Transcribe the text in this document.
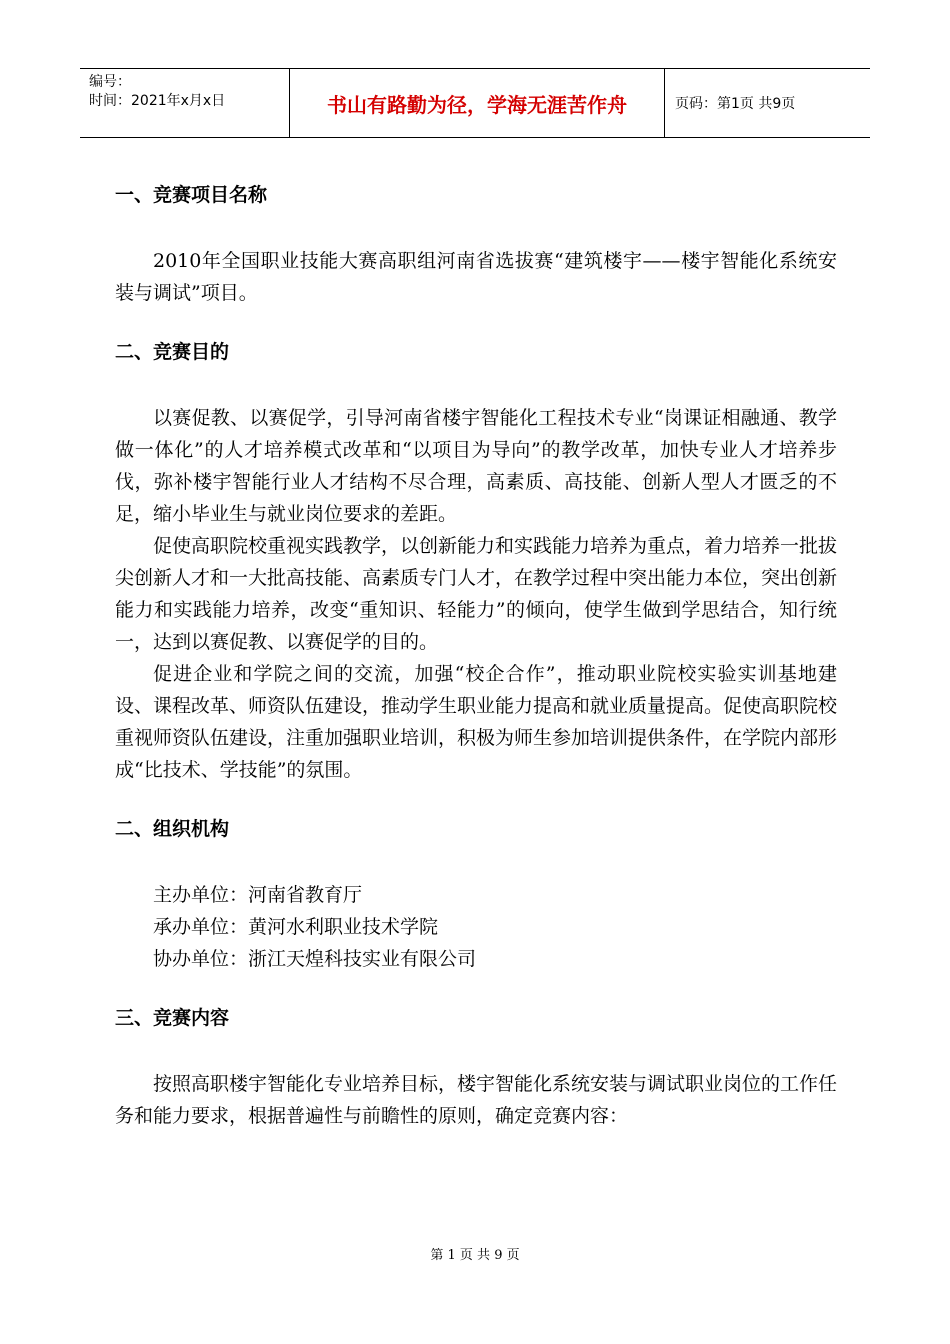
编号：
时间：2021年x月x日	书山有路勤为径，学海无涯苦作舟	页码：第1页 共9页
一、竞赛项目名称

2010年全国职业技能大赛高职组河南省选拔赛“建筑楼宇——楼宇智能化系统安装与调试”项目。

二、竞赛目的

以赛促教、以赛促学，引导河南省楼宇智能化工程技术专业“岗课证相融通、教学做一体化”的人才培养模式改革和“以项目为导向”的教学改革，加快专业人才培养步伐，弥补楼宇智能行业人才结构不尽合理，高素质、高技能、创新人型人才匮乏的不足，缩小毕业生与就业岗位要求的差距。

促使高职院校重视实践教学，以创新能力和实践能力培养为重点，着力培养一批拔尖创新人才和一大批高技能、高素质专门人才，在教学过程中突出能力本位，突出创新能力和实践能力培养，改变“重知识、轻能力”的倾向，使学生做到学思结合，知行统一，达到以赛促教、以赛促学的目的。

促进企业和学院之间的交流，加强“校企合作”，推动职业院校实验实训基地建设、课程改革、师资队伍建设，推动学生职业能力提高和就业质量提高。促使高职院校重视师资队伍建设，注重加强职业培训，积极为师生参加培训提供条件，在学院内部形成“比技术、学技能”的氛围。

二、组织机构

主办单位：河南省教育厅

承办单位：黄河水利职业技术学院

协办单位：浙江天煌科技实业有限公司

三、竞赛内容

按照高职楼宇智能化专业培养目标，楼宇智能化系统安装与调试职业岗位的工作任务和能力要求，根据普遍性与前瞻性的原则，确定竞赛内容：

第 1 页 共 9 页
